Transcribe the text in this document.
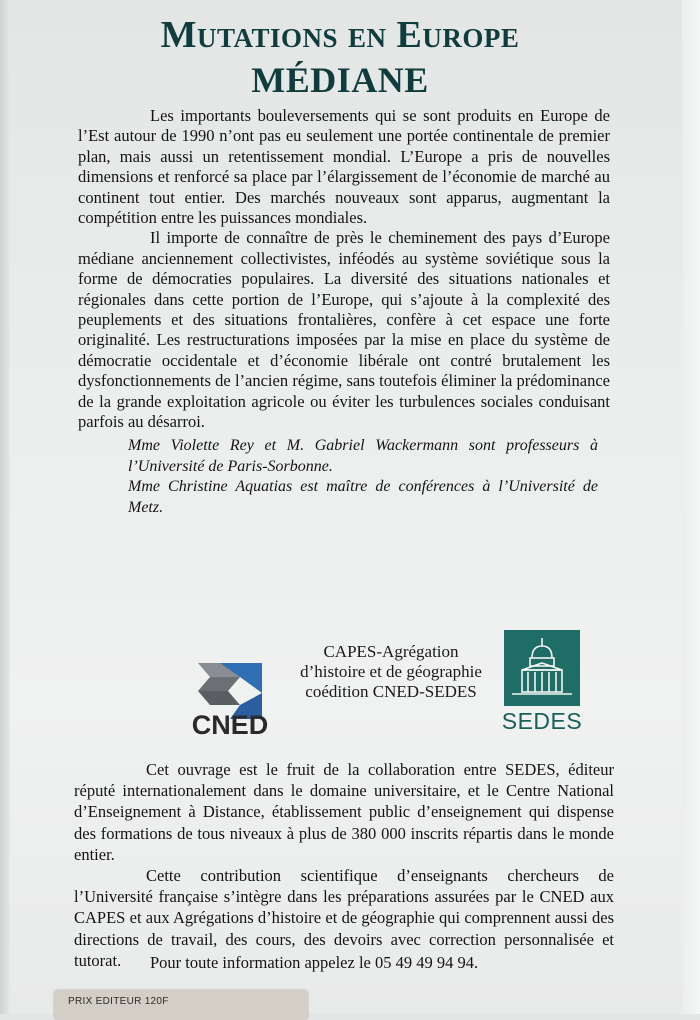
Mutations en Europe
MÉDIANE

Les importants bouleversements qui se sont produits en Europe de l’Est autour de 1990 n’ont pas eu seulement une portée continentale de premier plan, mais aussi un retentissement mondial. L’Europe a pris de nouvelles dimensions et renforcé sa place par l’élargissement de l’économie de marché au continent tout entier. Des marchés nouveaux sont apparus, augmentant la compétition entre les puissances mondiales.

Il importe de connaître de près le cheminement des pays d’Europe médiane anciennement collectivistes, inféodés au système soviétique sous la forme de démocraties populaires. La diversité des situations nationales et régionales dans cette portion de l’Europe, qui s’ajoute à la complexité des peuplements et des situations frontalières, confère à cet espace une forte originalité. Les restructurations imposées par la mise en place du système de démocratie occidentale et d’économie libérale ont contré brutalement les dysfonctionnements de l’ancien régime, sans toutefois éliminer la prédominance de la grande exploitation agricole ou éviter les turbulences sociales conduisant parfois au désarroi.

Mme Violette Rey et M. Gabriel Wackermann sont professeurs à l’Université de Paris-Sorbonne.

Mme Christine Aquatias est maître de conférences à l’Université de Metz.

CNED
CAPES-Agrégation
d’histoire et de géographie
coédition CNED-SEDES
SEDES

Cet ouvrage est le fruit de la collaboration entre SEDES, éditeur réputé internationalement dans le domaine universitaire, et le Centre National d’Enseignement à Distance, établissement public d’enseignement qui dispense des formations de tous niveaux à plus de 380 000 inscrits répartis dans le monde entier.

Cette contribution scientifique d’enseignants chercheurs de l’Université française s’intègre dans les préparations assurées par le CNED aux CAPES et aux Agrégations d’histoire et de géographie qui comprennent aussi des directions de travail, des cours, des devoirs avec correction personnalisée et tutorat.	Pour toute information appelez le 05 49 49 94 94.
PRIX EDITEUR 120F
